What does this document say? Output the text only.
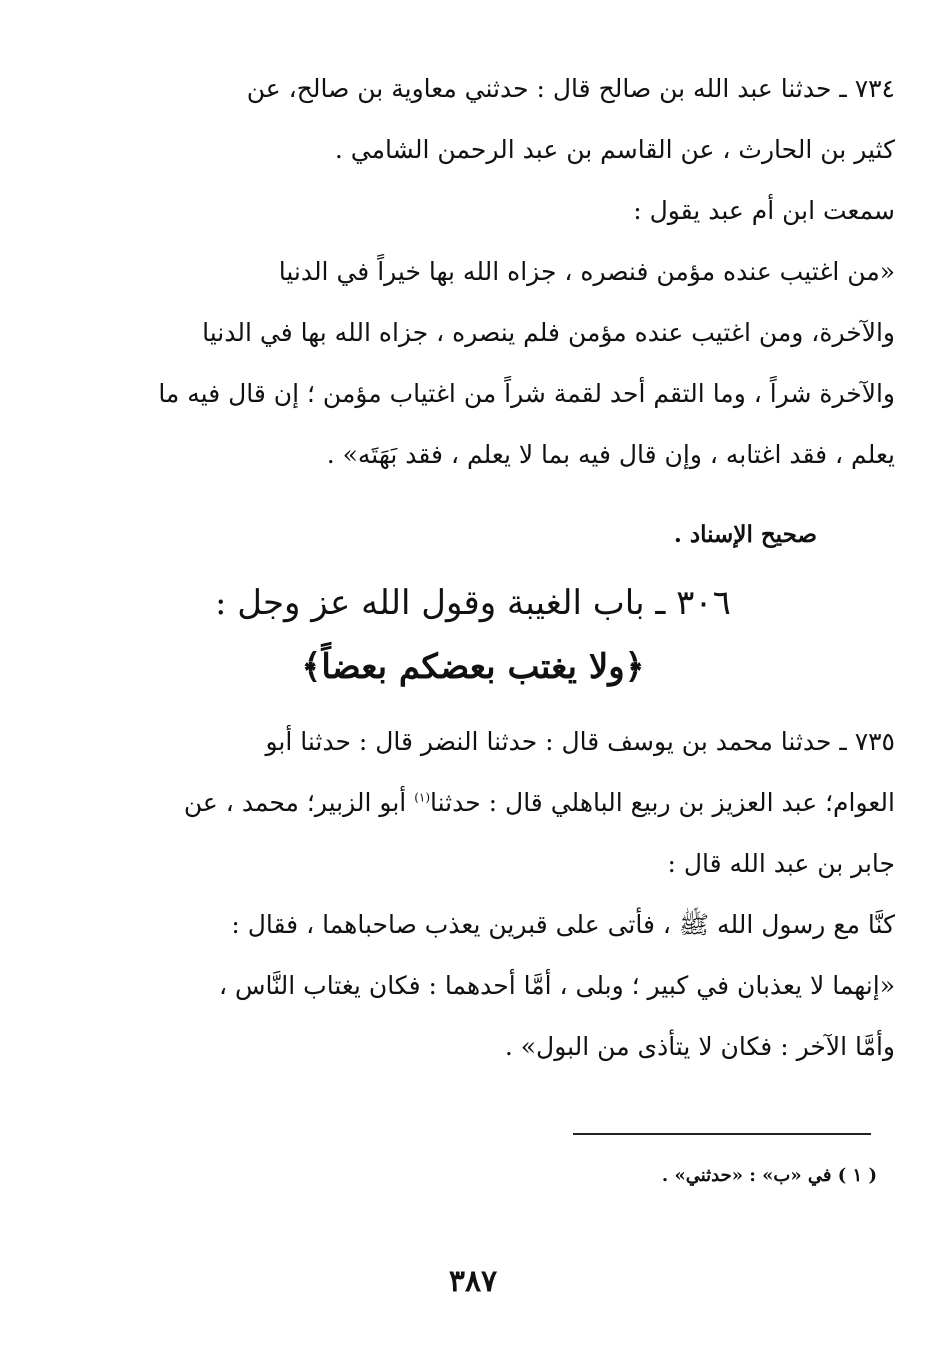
٧٣٤ ـ حدثنا عبد الله بن صالح قال : حدثني معاوية بن صالح، عن
كثير بن الحارث ، عن القاسم بن عبد الرحمن الشامي .
سمعت ابن أم عبد يقول :
«من اغتيب عنده مؤمن فنصره ، جزاه الله بها خيراً في الدنيا
والآخرة، ومن اغتيب عنده مؤمن فلم ينصره ، جزاه الله بها في الدنيا
والآخرة شراً ، وما التقم أحد لقمة شراً من اغتياب مؤمن ؛ إن قال فيه ما
يعلم ، فقد اغتابه ، وإن قال فيه بما لا يعلم ، فقد بَهَتَه» .
صحيح الإسناد .
٣٠٦ ـ باب الغيبة وقول الله عز وجل :
﴿ولا يغتب بعضكم بعضاً﴾
٧٣٥ ـ حدثنا محمد بن يوسف قال : حدثنا النضر قال : حدثنا أبو
العوام؛ عبد العزيز بن ربيع الباهلي قال : حدثنا$^{(١)}$ أبو الزبير؛ محمد ، عن
جابر بن عبد الله قال :
كنَّا مع رسول الله ﷺ ، فأتى على قبرين يعذب صاحباهما ، فقال :
«إنهما لا يعذبان في كبير ؛ وبلى ، أمَّا أحدهما : فكان يغتاب النَّاس ،
وأمَّا الآخر : فكان لا يتأذى من البول» .
( ١ ) في «ب» : «حدثني» .
٣٨٧
